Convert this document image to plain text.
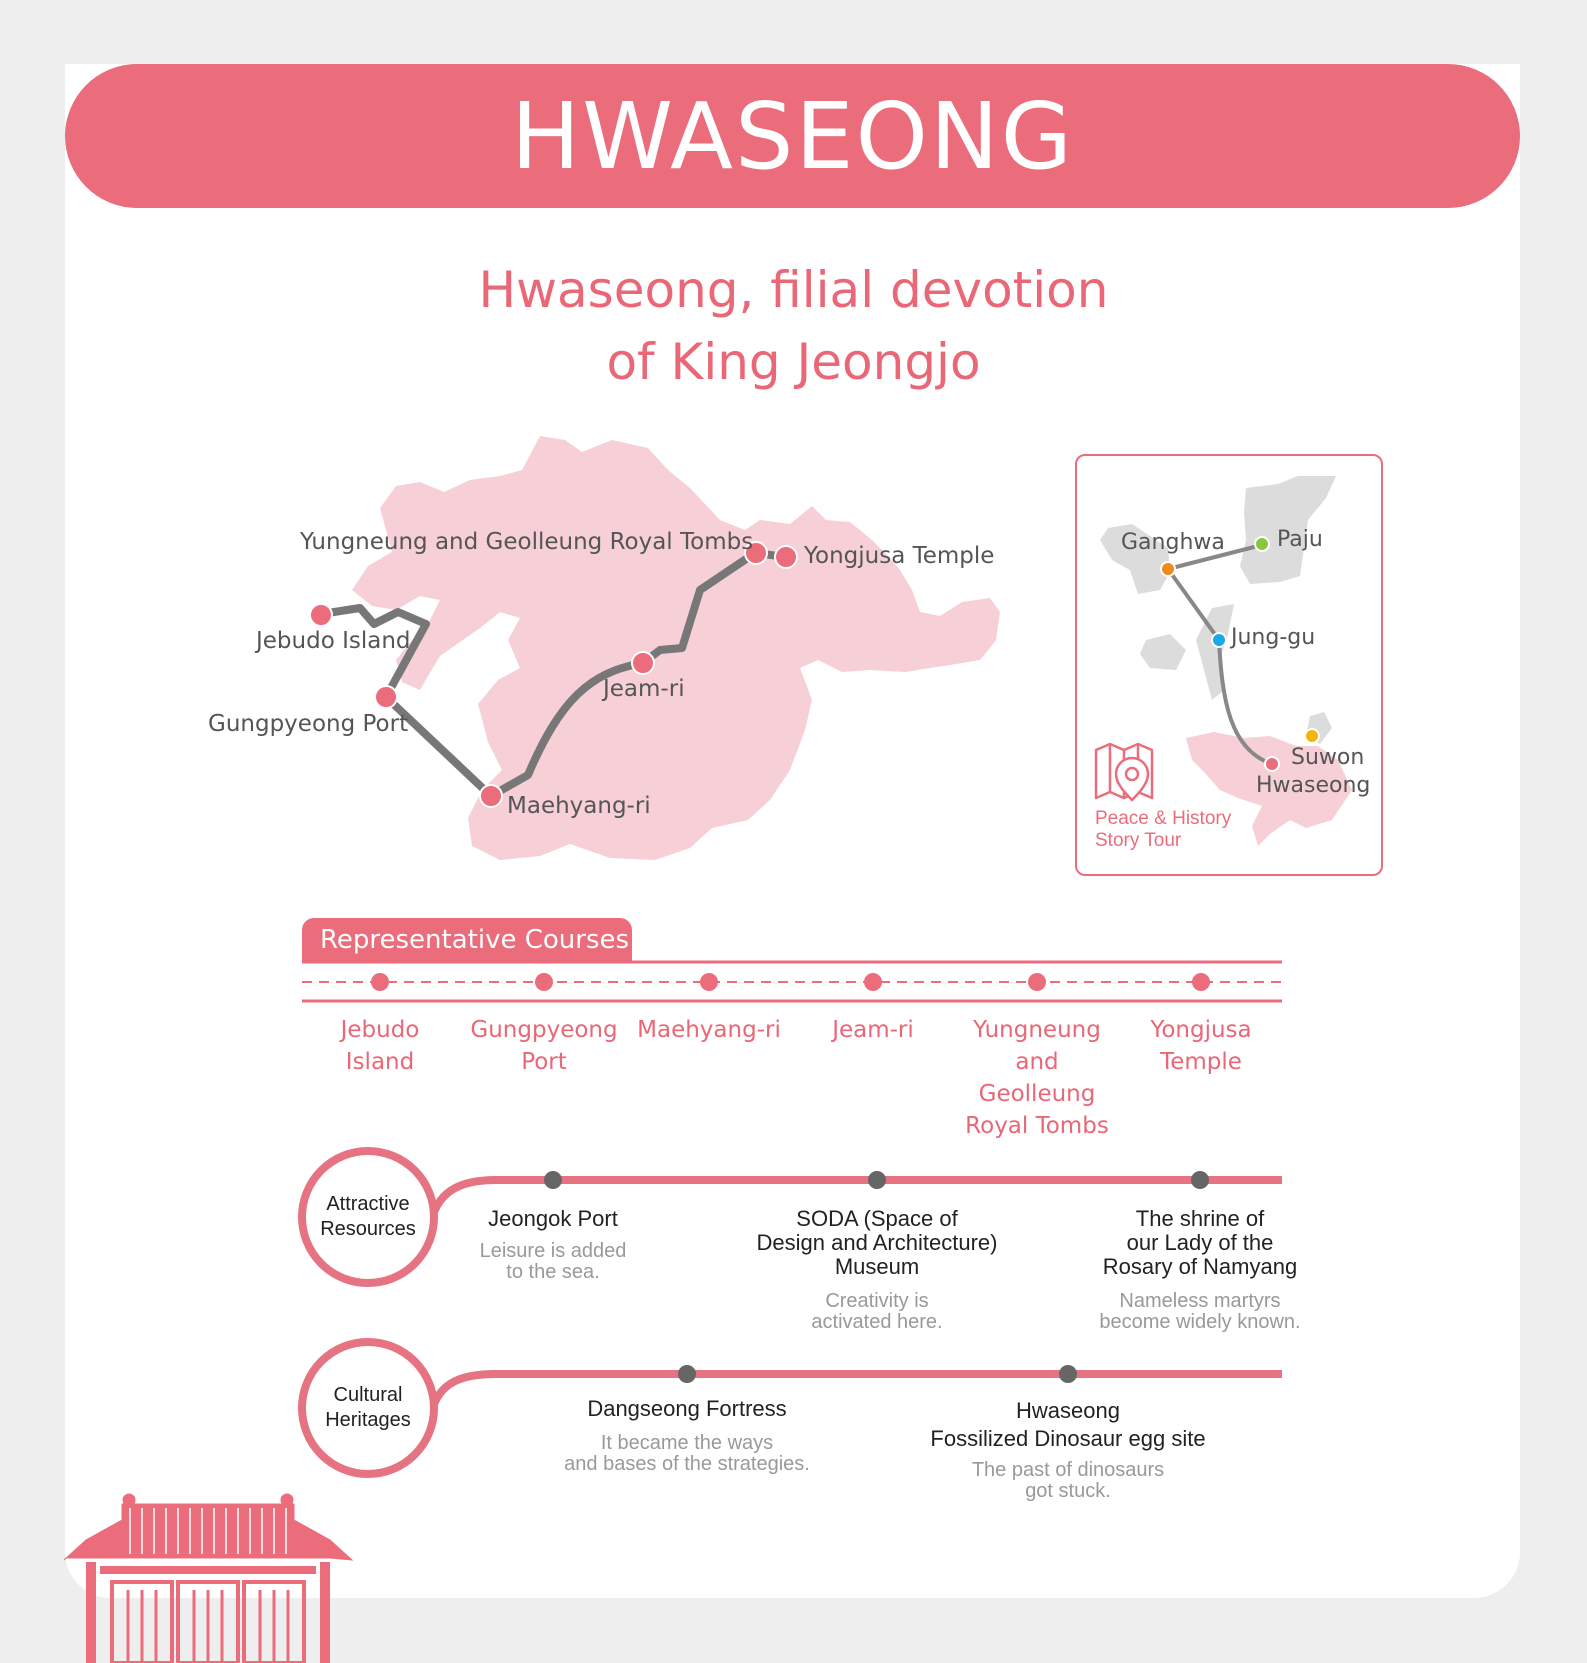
HWASEONG
Hwaseong, filial devotion
of King Jeongjo
Yungneung and Geolleung Royal Tombs
Yongjusa Temple
Jebudo Island
Gungpyeong Port
Jeam-ri
Maehyang-ri
Ganghwa Paju
Jung-gu
Suwon
Hwaseong
Peace & History
Story Tour
Representative Courses
Jebudo
Island
Gungpyeong
Port
Maehyang-ri	Jeam-ri	Yungneung
and Geolleung
Royal Tombs
Yongjusa
Temple
Attractive
Resources
Cultural
Heritages
Jeongok Port
Leisure is added
to the sea.
SODA (Space of
Design and Architecture)
Museum
Creativity is
activated here.
The shrine of
our Lady of the
Rosary of Namyang
Nameless martyrs
become widely known.
Dangseong Fortress
It became the ways
and bases of the strategies.
Hwaseong
Fossilized Dinosaur egg site
The past of dinosaurs
got stuck.
